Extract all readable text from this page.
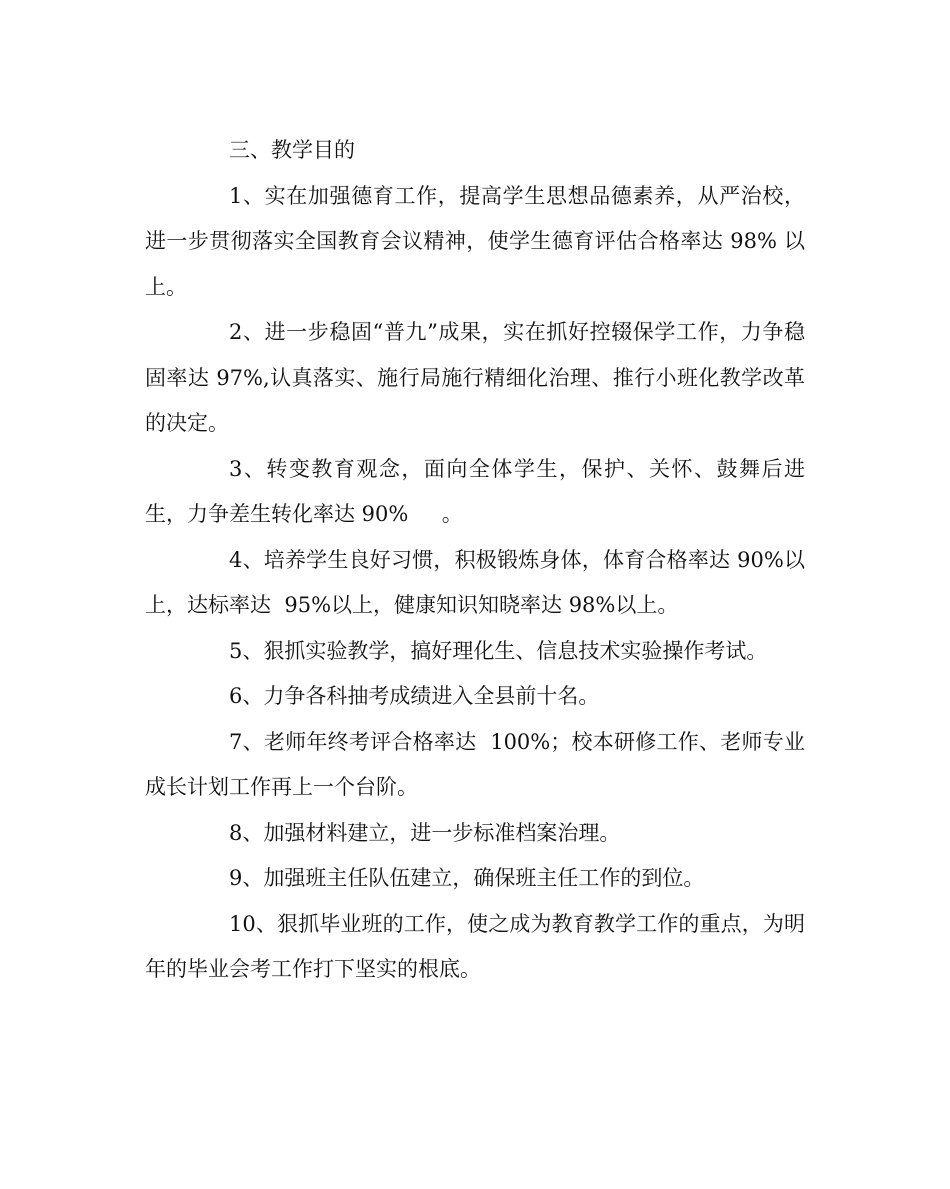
三、教学目的

1、实在加强德育工作，提高学生思想品德素养，从严治校，进一步贯彻落实全国教育会议精神，使学生德育评估合格率达 98% 以上。

2、进一步稳固“普九”成果，实在抓好控辍保学工作，力争稳固率达 97%,认真落实、施行局施行精细化治理、推行小班化教学改革的决定。

3、转变教育观念，面向全体学生，保护、关怀、鼓舞后进生，力争差生转化率达 90%     。

4、培养学生良好习惯，积极锻炼身体，体育合格率达 90%以上，达标率达  95%以上，健康知识知晓率达 98%以上。

5、狠抓实验教学，搞好理化生、信息技术实验操作考试。

6、力争各科抽考成绩进入全县前十名。

7、老师年终考评合格率达  100%；校本研修工作、老师专业成长计划工作再上一个台阶。

8、加强材料建立，进一步标准档案治理。

9、加强班主任队伍建立，确保班主任工作的到位。

10、狠抓毕业班的工作，使之成为教育教学工作的重点，为明年的毕业会考工作打下坚实的根底。
